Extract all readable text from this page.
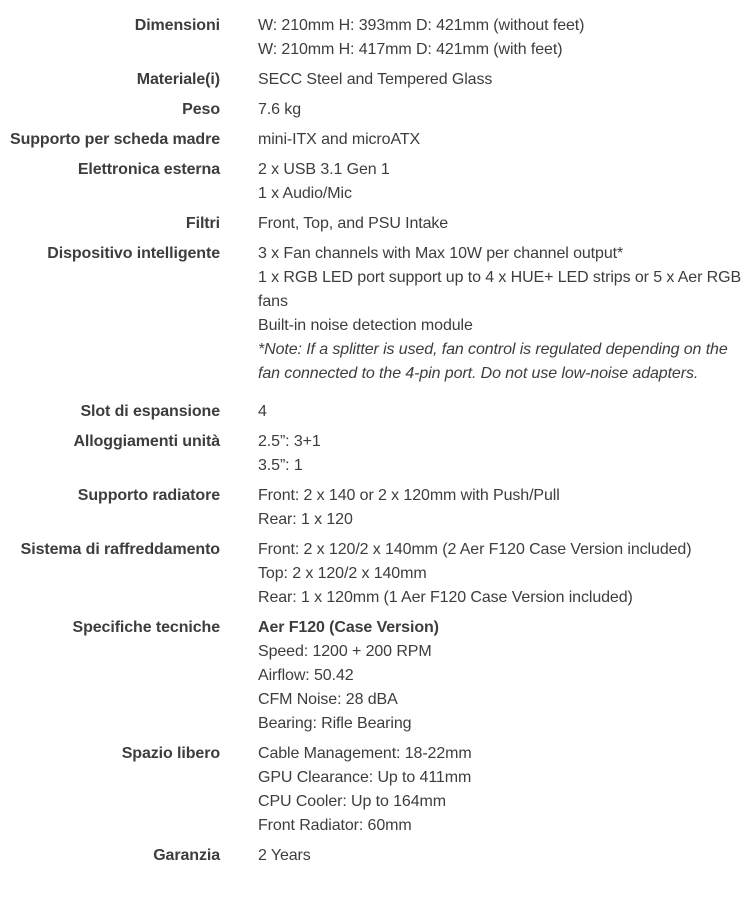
Dimensioni W: 210mm H: 393mm D: 421mm (without feet)

W: 210mm H: 417mm D: 421mm (with feet)

Materiale(i) SECC Steel and Tempered Glass

Peso 7.6 kg

Supporto per scheda madre mini-ITX and microATX

Elettronica esterna 2 x USB 3.1 Gen 1

1 x Audio/Mic

Filtri Front, Top, and PSU Intake

Dispositivo intelligente 3 x Fan channels with Max 10W per channel output*

1 x RGB LED port support up to 4 x HUE+ LED strips or 5 x Aer RGB fans

Built-in noise detection module

*Note: If a splitter is used, fan control is regulated depending on the fan connected to the 4-pin port. Do not use low-noise adapters.

Slot di espansione 4

Alloggiamenti unità 2.5”: 3+1

3.5”: 1

Supporto radiatore Front: 2 x 140 or 2 x 120mm with Push/Pull

Rear: 1 x 120

Sistema di raffreddamento Front: 2 x 120/2 x 140mm (2 Aer F120 Case Version included)

Top: 2 x 120/2 x 140mm

Rear: 1 x 120mm (1 Aer F120 Case Version included)

Specifiche tecniche Aer F120 (Case Version)

Speed: 1200 + 200 RPM

Airflow: 50.42

CFM Noise: 28 dBA

Bearing: Rifle Bearing

Spazio libero Cable Management: 18-22mm

GPU Clearance: Up to 411mm

CPU Cooler: Up to 164mm

Front Radiator: 60mm

Garanzia 2 Years
